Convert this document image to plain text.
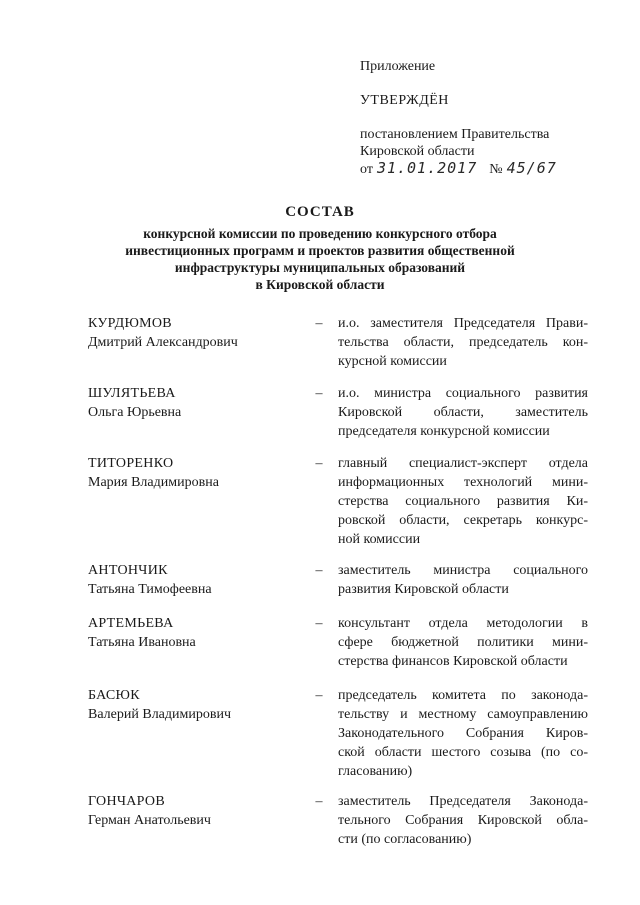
Приложение
УТВЕРЖДЁН
постановлением Правительства
Кировской области
от 31.01.2017 № 45/67
СОСТАВ
конкурсной комиссии по проведению конкурсного отбора
инвестиционных программ и проектов развития общественной
инфраструктуры муниципальных образований
в Кировской области
КУРДЮМОВ
Дмитрий Александрович
– и.о. заместителя Председателя Прави-
тельства области, председатель кон-
курсной комиссии
ШУЛЯТЬЕВА
Ольга Юрьевна
– и.о. министра социального развития
Кировской области, заместитель
председателя конкурсной комиссии
ТИТОРЕНКО
Мария Владимировна
– главный специалист-эксперт отдела
информационных технологий мини-
стерства социального развития Ки-
ровской области, секретарь конкурс-
ной комиссии
АНТОНЧИК
Татьяна Тимофеевна
– заместитель министра социального
развития Кировской области
АРТЕМЬЕВА
Татьяна Ивановна
– консультант отдела методологии в
сфере бюджетной политики мини-
стерства финансов Кировской области
БАСЮК
Валерий Владимирович
– председатель комитета по законода-
тельству и местному самоуправлению
Законодательного Собрания Киров-
ской области шестого созыва (по со-
гласованию)
ГОНЧАРОВ
Герман Анатольевич
– заместитель Председателя Законода-
тельного Собрания Кировской обла-
сти (по согласованию)
